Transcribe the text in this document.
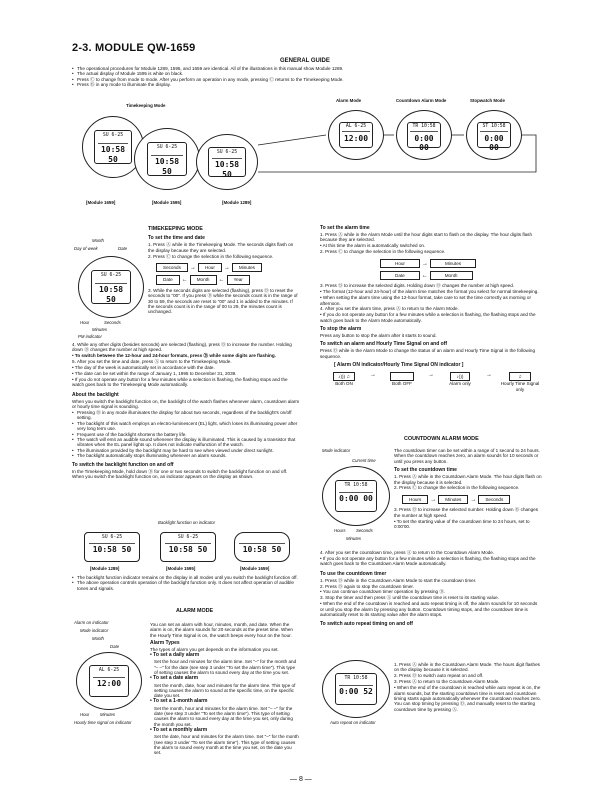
2-3. MODULE QW-1659
GENERAL GUIDE
• The operational procedures for Module 1289, 1595, and 1659 are identical. All of the illustrations in this manual show Module 1289.
• The actual display of Module 1595 is white on black.
• Press Ⓒ to change from mode to mode. After you perform an operation in any mode, pressing Ⓒ returns to the Timekeeping Mode.
• Press Ⓑ in any mode to illuminate the display.
Timekeeping Mode
Alarm Mode	Countdown Alarm Mode	Stopwatch Mode
SU 6-25
10:58 50
SU 6-25
10:58 50
SU 6-25
10:58 50
[Module 1659]	[Module 1595]	[Module 1289]
AL 6-25
12:00
TR 10:58
0:00 00
ST 10:58
0:00 00
Month
Day of week	Date
SU 6-25
10:58 50
Hour	Seconds
Minutes
PM indicator
TIMEKEEPING MODE
To set the time and date

1. Press Ⓐ while in the Timekeeping Mode. The seconds digits flash on the display because they are selected.

2. Press Ⓒ to change the selection in the following sequence.

Seconds → Hour → Minutes
Date ← Month ← Year

3. While the seconds digits are selected (flashing), press Ⓓ to reset the seconds to "00". If you press Ⓓ while the seconds count is in the range of 30 to 59, the seconds are reset to "00" and 1 is added to the minutes. If the seconds count is in the range of 00 to 29, the minutes count is unchanged.

4. While any other digits (besides seconds) are selected (flashing), press Ⓓ to increase the number. Holding down Ⓓ changes the number at high speed.

• To switch between the 12-hour and 24-hour formats, press Ⓓ while some digits are flashing.

5. After you set the time and date, press Ⓐ to return to the Timekeeping Mode.

• The day of the week is automatically set in accordance with the date.

• The date can be set within the range of January 1, 1995 to December 31, 2039.

• If you do not operate any button for a few minutes while a selection is flashing, the flashing stops and the watch goes back to the Timekeeping Mode automatically.

About the backlight

When you switch the backlight function on, the backlight of the watch flashes whenever alarm, countdown alarm or hourly time signal is sounding.

• Pressing Ⓑ in any mode illuminates the display for about two seconds, regardless of the backlight's on/off setting.
• The backlight of this watch employs an electro-luminescent (EL) light, which loses its illuminating power after very long term use.
• Frequent use of the backlight shortens the battery life.
• The watch will emit an audible sound whenever the display is illuminated. This is caused by a transistor that vibrates when the EL panel lights up. It does not indicate malfunction of the watch.
• The illumination provided by the backlight may be hard to see when viewed under direct sunlight.
• The backlight automatically stops illuminating whenever an alarm sounds.
To switch the backlight function on and off

In the Timekeeping Mode, hold down Ⓓ for one or two seconds to switch the backlight function on and off. When you switch the backlight function on, an indicator appears on the display as shown.

Backlight function on indicator
SU 6-25
10:58 50
SU 6-25
10:58 50	10:58 50
[Module 1289]	[Module 1595]	[Module 1659]
• The backlight function indicator remains on the display in all modes until you switch the backlight function off.
• The above operation controls operation of the backlight function only. It does not affect operation of audible tones and signals.
ALARM MODE
Alarm on indicator
Mode indicator
Month
Date
AL 6-25
12:00
Hour Minutes
Hourly time signal on indicator

You can set an alarm with hour, minutes, month, and date. When the alarm is on, the alarm sounds for 20 seconds at the preset time. When the Hourly Time Signal is on, the watch beeps every hour on the hour.

Alarm Types

The types of alarm you get depends on the information you set.

• To set a daily alarm

Set the hour and minutes for the alarm time. Set "–" for the month and "– –" for the date (see step 3 under "To set the alarm time"). This type of setting causes the alarm to sound every day at the time you set.

• To set a date alarm

Set the month, date, hour and minutes for the alarm time. This type of setting causes the alarm to sound at the specific time, on the specific date you set.

• To set a 1-month alarm

Set the month, hour and minutes for the alarm time. Set "– –" for the date (see step 3 under "To set the alarm time"). This type of setting causes the alarm to sound every day at the time you set, only during the month you set.

• To set a monthly alarm

Set the date, hour and minutes for the alarm time. Set "–" for the month (see step 3 under "To set the alarm time"). This type of setting causes the alarm to sound every month at the time you set, on the date you set.

To set the alarm time

1. Press Ⓐ while in the Alarm Mode until the hour digits start to flash on the display. The hour digits flash because they are selected.

• At this time the alarm is automatically switched on.

2. Press Ⓒ to change the selection in the following sequence.

Hour	→	Minutes
Date	←	Month

3. Press Ⓓ to increase the selected digits. Holding down Ⓓ changes the number at high speed.

• The format (12-hour and 24-hour) of the alarm time matches the format you select for normal timekeeping.

• When setting the alarm time using the 12-hour format, take care to set the time correctly as morning or afternoon.

4. After you set the alarm time, press Ⓐ to return to the Alarm Mode.

• If you do not operate any button for a few minutes while a selection is flashing, the flashing stops and the watch goes back to the Alarm Mode automatically.

To stop the alarm

Press any button to stop the alarm after it starts to sound.

To switch an alarm and Hourly Time Signal on and off

Press Ⓓ while in the Alarm Mode to change the status of an alarm and Hourly Time Signal in the following sequence.

[ Alarm ON indicator/Hourly Time Signal ON indicator ]
♪))) ♫
Both ON
→

Both OFF
→	♪)))
Alarm only
→	♫
Hourly Time Signal only
COUNTDOWN ALARM MODE
Mode indicator
Current time
TR 10:58
0:00 00
Hours Seconds
Minutes

The countdown timer can be set within a range of 1 second to 24 hours. When the countdown reaches zero, an alarm sounds for 10 seconds or until you press any button.

To set the countdown time

1. Press Ⓐ while in the Countdown Alarm Mode. The hour digits flash on the display because it is selected.

2. Press Ⓒ to change the selection in the following sequence.

Hours → Minutes → Seconds

3. Press Ⓓ to increase the selected number. Holding down Ⓓ changes the number at high speed.

• To set the starting value of the countdown time to 24 hours, set to 0:00'00.

4. After you set the countdown time, press Ⓐ to return to the Countdown Alarm Mode.

• If you do not operate any button for a few minutes while a selection is flashing, the flashing stops and the watch goes back to the Countdown Alarm Mode automatically.

To use the countdown timer

1. Press Ⓓ while in the Countdown Alarm Mode to start the countdown timer.

2. Press Ⓓ again to stop the countdown timer.

• You can continue countdown timer operation by pressing Ⓓ.

3. Stop the timer and then press Ⓐ until the countdown time is reset to its starting value.

• When the end of the countdown is reached and auto repeat timing is off, the alarm sounds for 10 seconds or until you stop the alarm by pressing any button. Countdown timing stops, and the countdown time is automatically reset to its starting value after the alarm stops.

To switch auto repeat timing on and off
TR 10:58
0:00 52
Auto repeat on indicator

1. Press Ⓐ while in the Countdown Alarm Mode. The hours digit flashes on the display because it is selected.

2. Press Ⓓ to switch auto repeat on and off.

3. Press Ⓐ to return to the Countdown Alarm Mode.

• When the end of the countdown is reached while auto repeat is on, the alarm sounds, but the starting countdown time is reset and countdown timing starts again automatically whenever the countdown reaches zero. You can stop timing by pressing Ⓓ, and manually reset to the starting countdown time by pressing Ⓐ.

— 8 —
